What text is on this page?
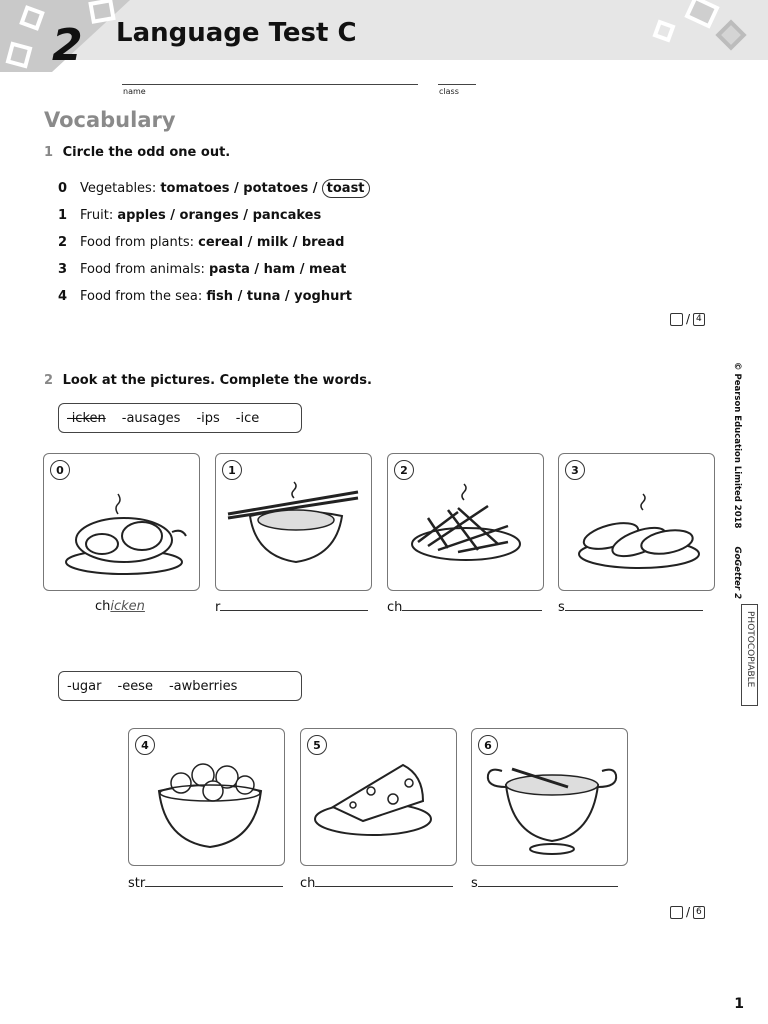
2 Language Test C
name	class
Vocabulary
1 Circle the odd one out.
0 Vegetables: tomatoes / potatoes / toast
1 Fruit: apples / oranges / pancakes
2 Food from plants: cereal / milk / bread
3 Food from animals: pasta / ham / meat
4 Food from the sea: fish / tuna / yoghurt
/ 4
2 Look at the pictures. Complete the words.
-icken -ausages -ips -ice
0	1	2	3
chicken	r	ch	s
-ugar -eese -awberries
4	5	6
str	ch	s
/ 6
© Pearson Education Limited 2018GoGetter 2
PHOTOCOPIABLE
1
